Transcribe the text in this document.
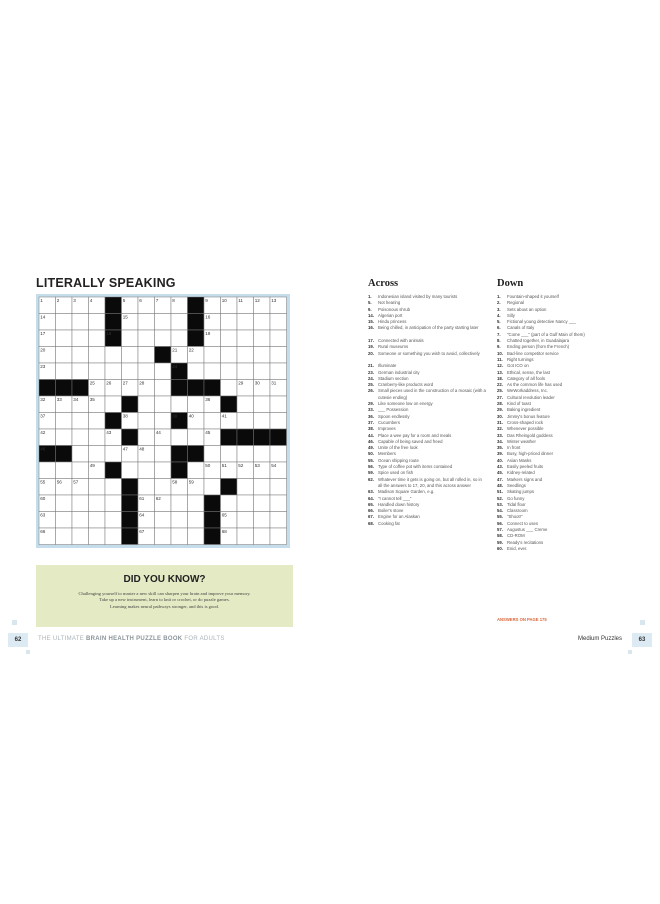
LITERALLY SPEAKING
1	2	3	4	5	6	7	8	9	10 11	12 13
14	15	16
17	18	19
20	21 22
23	24
25 26 27 28	29 30 31
32 33 34 35	36
37	38	39 40	41
42	43	44	45
46	47 48
49	50 51 52 53 54
55 56 57	58 59
60	61 62
63	64	65
66	67	68
DID YOU KNOW?
Challenging yourself to master a new skill can sharpen your brain and improve your memory.
Take up a new instrument, learn to knit or crochet, or do puzzle games.
Learning makes neural pathways stronger, and this is good.
Across
1. Indonesian island visited by many tourists
5. Not hearing
9. Poisonous shrub
14. Algerian port
15. Hindu princess
16. Being chilled, in anticipation of the party starting later
17. Connected with animals
19. Rural museums
20. Someone or something you wish to avoid, collectively
21. Illuminate
23. German industrial city
24. Stadium section
25. Cranberry-like products word
26. Small pieces used in the construction of a mosaic (with a cutesie ending)
29. Like someone low on energy
33. ___ Possession
36. Spoon endlessly
37. Cucumbers
38. Improves
44. Place a wee pay for a room and meals
46. Capable of being saved and freed
49. Unite of the free look
50. Members
55. Ocean shipping route
56. Type of coffee pot with items contained
59. Spice used on fish
62. Whatever time it gets is going on, but all rolled in, so in all the answers to 17, 20, and this across answer
63. Madison Square Garden, e.g.
64. "I cannot tell ___"
65. Handled down history
66. Boiler's stove
67. Engine for an Alaskan
68. Cooking fat
Down
1. Fountain-shaped it yourself
2. Regional
3. Sets about an option
4. Silly
5. Fictional young detective Nancy ___
6. Canals of Italy
7. "Come ___" (part of a Gulf Main of them)
8. Chatted together, in Guadalajara
9. Ending person (from the French)
10. Bad-line competitor service
11. Right turnings
12. Got ICO on
13. Ethical, sense, the last
18. Category of all fools
22. As the common life has used
25. WeWorkaddress, Inc.
27. Cultural revolution leader
28. Kind of toast
29. Baking ingredient
30. Jimmy's bonus feature
31. Cross-shaped rock
32. Whenever possible
33. Das Rheingold goddess
34. Winter weather
35. In front
39. Busy, high-priced dinner
40. Asian Masks
43. Easily peeled fruits
45. Kidney-related
47. Markers signs and
48. Seedlings
51. Skating jumps
52. Go funny
53. Tidal floor
54. Classroom
55. "Shoot!"
56. Connect to uses
57. Augustus ___ Creme
58. CD-ROM
59. Ready's recitations
60. Enid, ever.
ANSWERS ON PAGE 175
62	THE ULTIMATE BRAIN HEALTH PUZZLE BOOK FOR ADULTS	Medium Puzzles	63
